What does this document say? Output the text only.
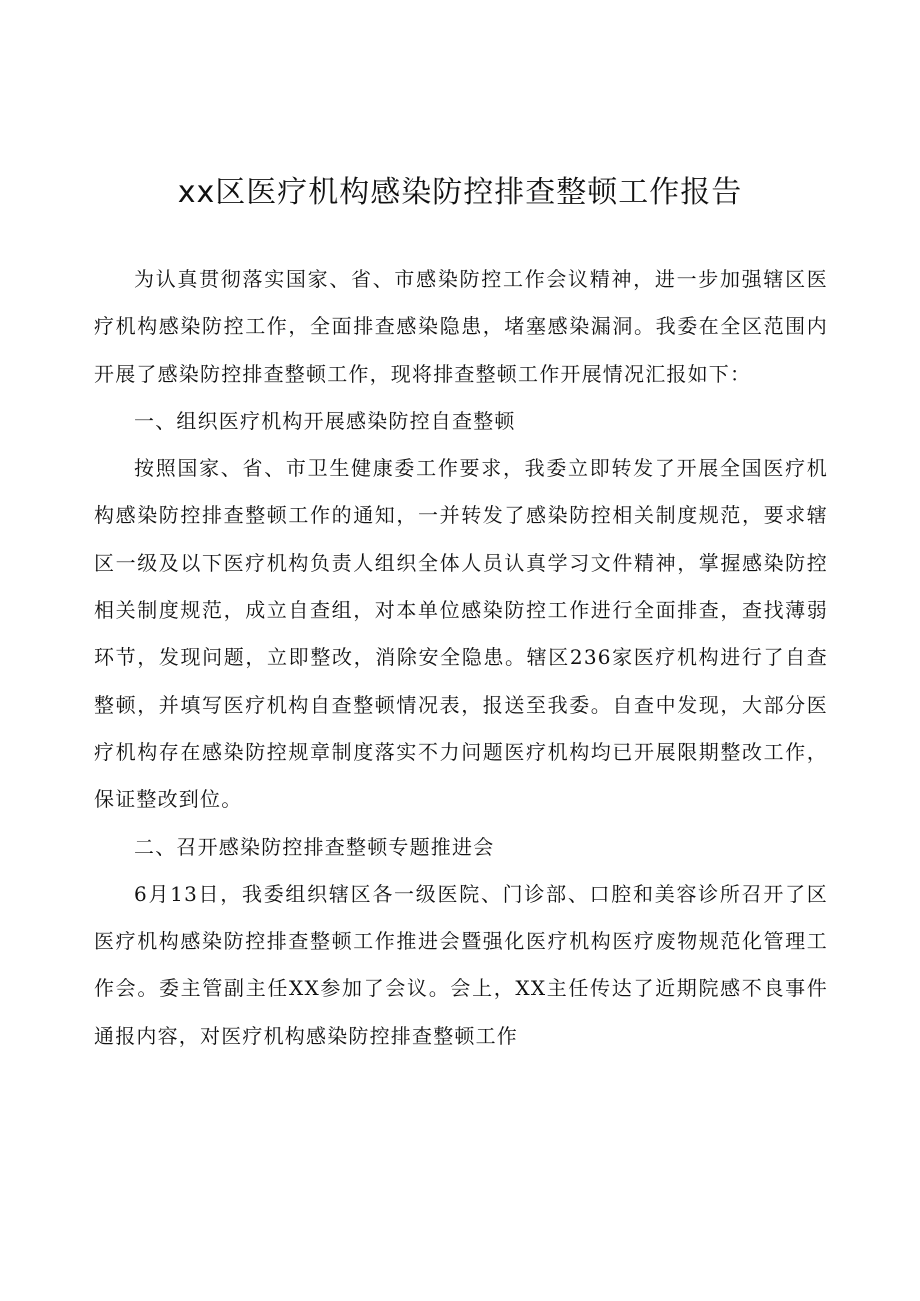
xx区医疗机构感染防控排查整顿工作报告

为认真贯彻落实国家、省、市感染防控工作会议精神，进一步加强辖区医疗机构感染防控工作，全面排查感染隐患，堵塞感染漏洞。我委在全区范围内开展了感染防控排查整顿工作，现将排查整顿工作开展情况汇报如下：

一、组织医疗机构开展感染防控自查整顿

按照国家、省、市卫生健康委工作要求，我委立即转发了开展全国医疗机构感染防控排查整顿工作的通知，一并转发了感染防控相关制度规范，要求辖区一级及以下医疗机构负责人组织全体人员认真学习文件精神，掌握感染防控相关制度规范，成立自查组，对本单位感染防控工作进行全面排查，查找薄弱环节，发现问题，立即整改，消除安全隐患。辖区236家医疗机构进行了自查整顿，并填写医疗机构自查整顿情况表，报送至我委。自查中发现，大部分医疗机构存在感染防控规章制度落实不力问题医疗机构均已开展限期整改工作，保证整改到位。

二、召开感染防控排查整顿专题推进会

6月13日，我委组织辖区各一级医院、门诊部、口腔和美容诊所召开了区医疗机构感染防控排查整顿工作推进会暨强化医疗机构医疗废物规范化管理工作会。委主管副主任XX参加了会议。会上，XX主任传达了近期院感不良事件通报内容，对医疗机构感染防控排查整顿工作
